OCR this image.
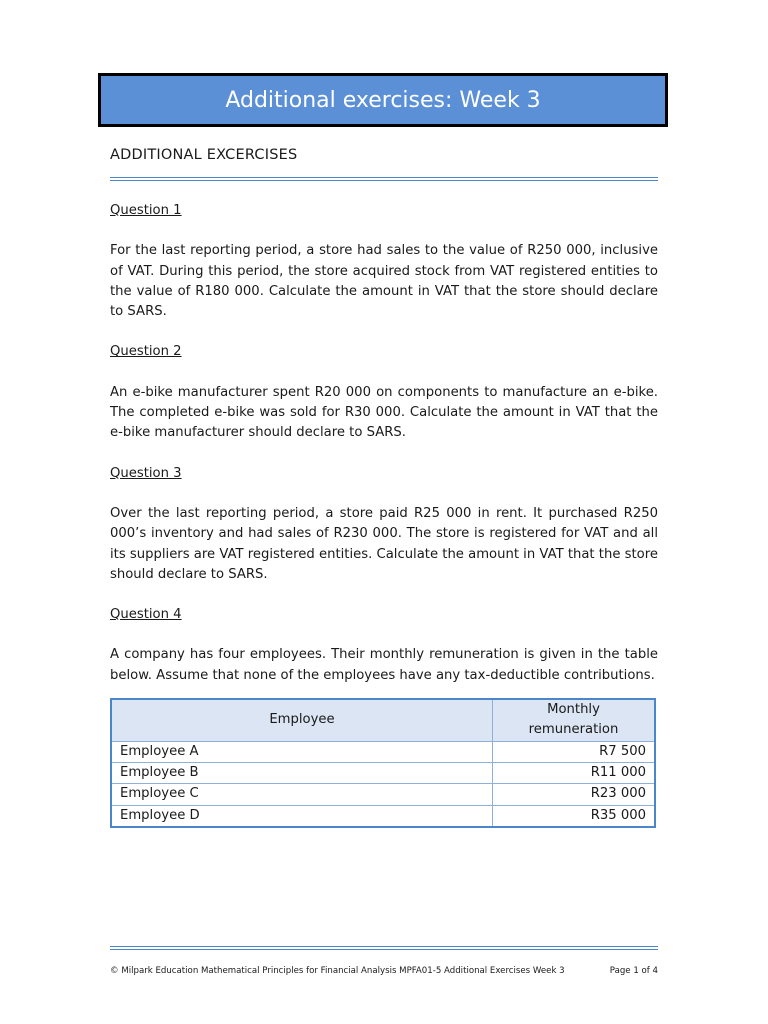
Additional exercises: Week 3
ADDITIONAL EXCERCISES

Question 1

For the last reporting period, a store had sales to the value of R250 000, inclusive of VAT. During this period, the store acquired stock from VAT registered entities to the value of R180 000. Calculate the amount in VAT that the store should declare to SARS.

Question 2

An e-bike manufacturer spent R20 000 on components to manufacture an e-bike. The completed e-bike was sold for R30 000. Calculate the amount in VAT that the e-bike manufacturer should declare to SARS.

Question 3

Over the last reporting period, a store paid R25 000 in rent. It purchased R250 000’s inventory and had sales of R230 000. The store is registered for VAT and all its suppliers are VAT registered entities. Calculate the amount in VAT that the store should declare to SARS.

Question 4

A company has four employees. Their monthly remuneration is given in the table below. Assume that none of the employees have any tax-deductible contributions.

Employee	Monthly remuneration
Employee A	R7 500
Employee B	R11 000
Employee C	R23 000
Employee D	R35 000
© Milpark Education Mathematical Principles for Financial Analysis MPFA01-5 Additional Exercises Week 3	Page 1 of 4
